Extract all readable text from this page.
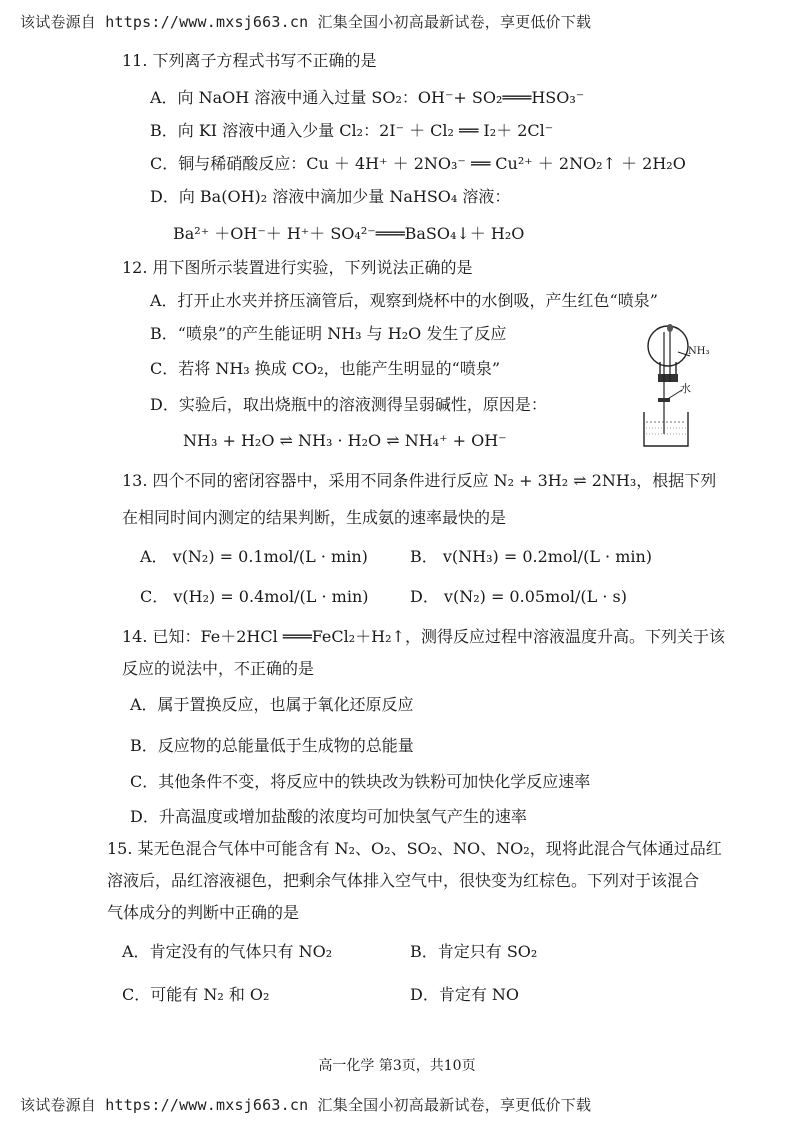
该试卷源自 https://www.mxsj663.cn 汇集全国小初高最新试卷，享更低价下载
11. 下列离子方程式书写不正确的是
A．向 NaOH 溶液中通入过量 SO₂：OH⁻+ SO₂═══HSO₃⁻
B．向 KI 溶液中通入少量 Cl₂：2I⁻ ＋ Cl₂ ══ I₂＋ 2Cl⁻
C．铜与稀硝酸反应：Cu ＋ 4H⁺ ＋ 2NO₃⁻ ══ Cu²⁺ ＋ 2NO₂↑ ＋ 2H₂O
D．向 Ba(OH)₂ 溶液中滴加少量 NaHSO₄ 溶液：
Ba²⁺ ＋OH⁻＋ H⁺＋ SO₄²⁻═══BaSO₄↓＋ H₂O
12. 用下图所示装置进行实验，下列说法正确的是
A．打开止水夹并挤压滴管后，观察到烧杯中的水倒吸，产生红色“喷泉”
B．“喷泉”的产生能证明 NH₃ 与 H₂O 发生了反应
C．若将 NH₃ 换成 CO₂，也能产生明显的“喷泉”
D．实验后，取出烧瓶中的溶液测得呈弱碱性，原因是：
NH₃ + H₂O ⇌ NH₃ · H₂O ⇌ NH₄⁺ + OH⁻
NH₃
水
13. 四个不同的密闭容器中，采用不同条件进行反应 N₂ + 3H₂ ⇌ 2NH₃，根据下列
在相同时间内测定的结果判断，生成氨的速率最快的是
A． v(N₂) = 0.1mol/(L · min)	B． v(NH₃) = 0.2mol/(L · min)
C． v(H₂) = 0.4mol/(L · min)	D． v(N₂) = 0.05mol/(L · s)
14. 已知：Fe＋2HCl ═══FeCl₂＋H₂↑，测得反应过程中溶液温度升高。下列关于该
反应的说法中，不正确的是
A．属于置换反应，也属于氧化还原反应
B．反应物的总能量低于生成物的总能量
C．其他条件不变，将反应中的铁块改为铁粉可加快化学反应速率
D．升高温度或增加盐酸的浓度均可加快氢气产生的速率
15. 某无色混合气体中可能含有 N₂、O₂、SO₂、NO、NO₂，现将此混合气体通过品红
溶液后，品红溶液褪色，把剩余气体排入空气中，很快变为红棕色。下列对于该混合
气体成分的判断中正确的是
A．肯定没有的气体只有 NO₂	B．肯定只有 SO₂
C．可能有 N₂ 和 O₂	D．肯定有 NO
高一化学 第3页，共10页
该试卷源自 https://www.mxsj663.cn 汇集全国小初高最新试卷，享更低价下载
